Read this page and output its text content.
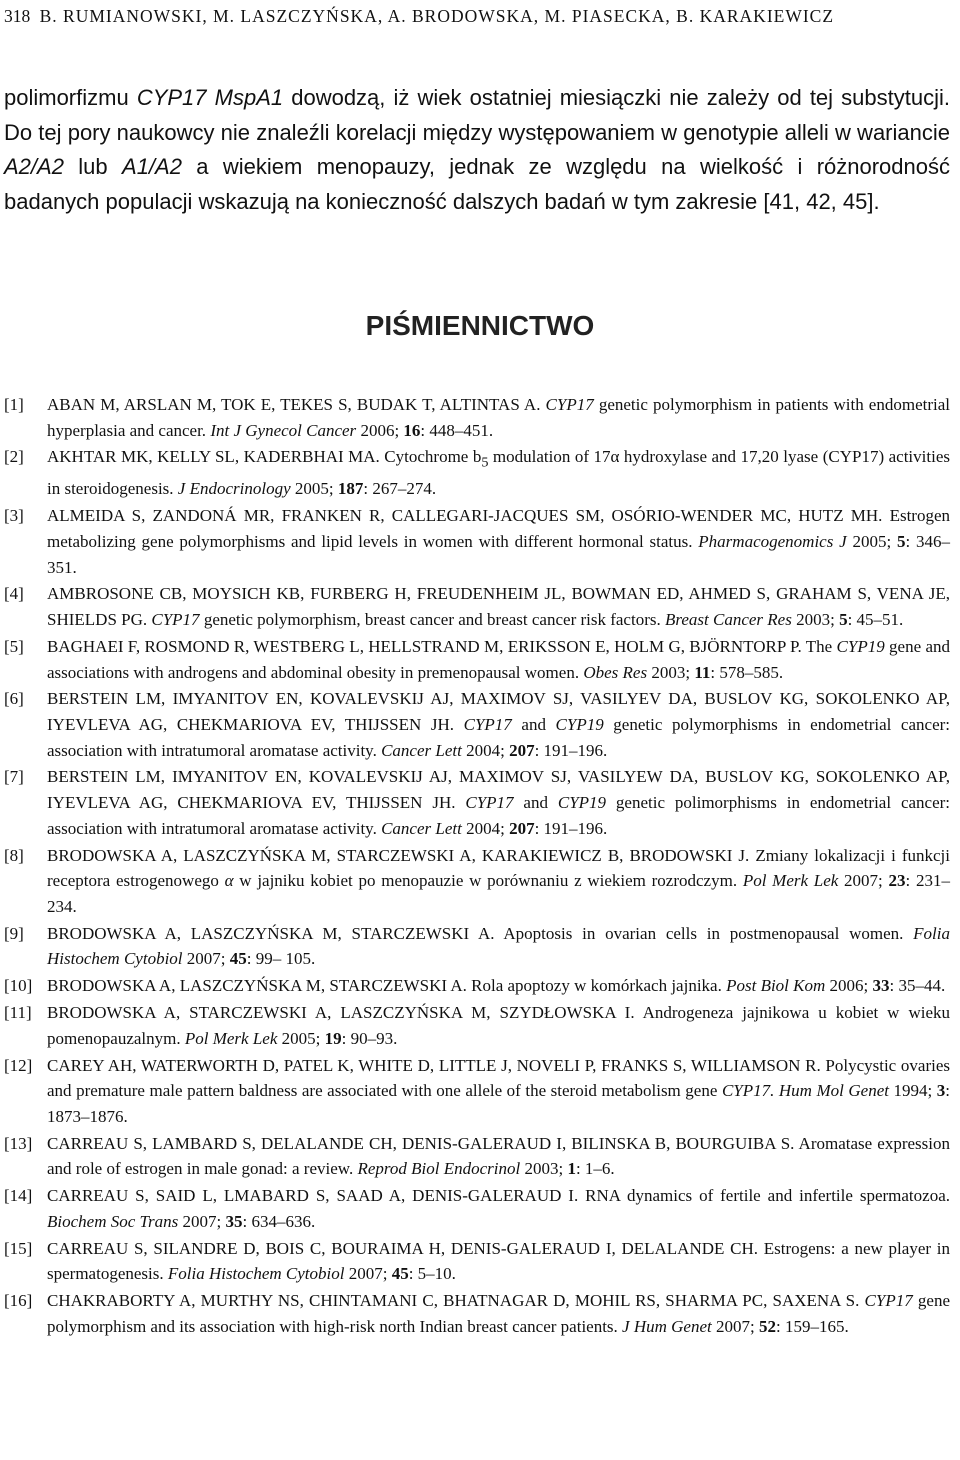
318 B. RUMIANOWSKI, M. LASZCZYŃSKA, A. BRODOWSKA, M. PIASECKA, B. KARAKIEWICZ

polimorfizmu CYP17 MspA1 dowodzą, iż wiek ostatniej miesiączki nie zależy od tej substytucji. Do tej pory naukowcy nie znaleźli korelacji między występowaniem w genotypie alleli w wariancie A2/A2 lub A1/A2 a wiekiem menopauzy, jednak ze względu na wielkość i różnorodność badanych populacji wskazują na konieczność dalszych badań w tym zakresie [41, 42, 45].

PIŚMIENNICTWO
[1] ABAN M, ARSLAN M, TOK E, TEKES S, BUDAK T, ALTINTAS A. CYP17 genetic polymorphism in patients with endometrial hyperplasia and cancer. Int J Gynecol Cancer 2006; 16: 448–451.
[2] AKHTAR MK, KELLY SL, KADERBHAI MA. Cytochrome $b_5$ modulation of 17α hydroxylase and 17,20 lyase (CYP17) activities in steroidogenesis. J Endocrinology 2005; 187: 267–274.
[3] ALMEIDA S, ZANDONÁ MR, FRANKEN R, CALLEGARI-JACQUES SM, OSÓRIO-WENDER MC, HUTZ MH. Estrogen metabolizing gene polymorphisms and lipid levels in women with different hormonal status. Pharmacogenomics J 2005; 5: 346–351.
[4] AMBROSONE CB, MOYSICH KB, FURBERG H, FREUDENHEIM JL, BOWMAN ED, AHMED S, GRAHAM S, VENA JE, SHIELDS PG. CYP17 genetic polymorphism, breast cancer and breast cancer risk factors. Breast Cancer Res 2003; 5: 45–51.
[5] BAGHAEI F, ROSMOND R, WESTBERG L, HELLSTRAND M, ERIKSSON E, HOLM G, BJÖRNTORP P. The CYP19 gene and associations with androgens and abdominal obesity in premenopausal women. Obes Res 2003; 11: 578–585.
[6] BERSTEIN LM, IMYANITOV EN, KOVALEVSKIJ AJ, MAXIMOV SJ, VASILYEV DA, BUSLOV KG, SOKOLENKO AP, IYEVLEVA AG, CHEKMARIOVA EV, THIJSSEN JH. CYP17 and CYP19 genetic polymorphisms in endometrial cancer: association with intratumoral aromatase activity. Cancer Lett 2004; 207: 191–196.
[7] BERSTEIN LM, IMYANITOV EN, KOVALEVSKIJ AJ, MAXIMOV SJ, VASILYEW DA, BUSLOV KG, SOKOLENKO AP, IYEVLEVA AG, CHEKMARIOVA EV, THIJSSEN JH. CYP17 and CYP19 genetic polimorphisms in endometrial cancer: association with intratumoral aromatase activity. Cancer Lett 2004; 207: 191–196.
[8] BRODOWSKA A, LASZCZYŃSKA M, STARCZEWSKI A, KARAKIEWICZ B, BRODOWSKI J. Zmiany lokalizacji i funkcji receptora estrogenowego α w jajniku kobiet po menopauzie w porównaniu z wiekiem rozrodczym. Pol Merk Lek 2007; 23: 231–234.
[9] BRODOWSKA A, LASZCZYŃSKA M, STARCZEWSKI A. Apoptosis in ovarian cells in postmenopausal women. Folia Histochem Cytobiol 2007; 45: 99– 105.
[10] BRODOWSKA A, LASZCZYŃSKA M, STARCZEWSKI A. Rola apoptozy w komórkach jajnika. Post Biol Kom 2006; 33: 35–44.
[11] BRODOWSKA A, STARCZEWSKI A, LASZCZYŃSKA M, SZYDŁOWSKA I. Androgeneza jajnikowa u kobiet w wieku pomenopauzalnym. Pol Merk Lek 2005; 19: 90–93.
[12] CAREY AH, WATERWORTH D, PATEL K, WHITE D, LITTLE J, NOVELI P, FRANKS S, WILLIAMSON R. Polycystic ovaries and premature male pattern baldness are associated with one allele of the steroid metabolism gene CYP17. Hum Mol Genet 1994; 3: 1873–1876.
[13] CARREAU S, LAMBARD S, DELALANDE CH, DENIS-GALERAUD I, BILINSKA B, BOURGUIBA S. Aromatase expression and role of estrogen in male gonad: a review. Reprod Biol Endocrinol 2003; 1: 1–6.
[14] CARREAU S, SAID L, LMABARD S, SAAD A, DENIS-GALERAUD I. RNA dynamics of fertile and infertile spermatozoa. Biochem Soc Trans 2007; 35: 634–636.
[15] CARREAU S, SILANDRE D, BOIS C, BOURAIMA H, DENIS-GALERAUD I, DELALANDE CH. Estrogens: a new player in spermatogenesis. Folia Histochem Cytobiol 2007; 45: 5–10.
[16] CHAKRABORTY A, MURTHY NS, CHINTAMANI C, BHATNAGAR D, MOHIL RS, SHARMA PC, SAXENA S. CYP17 gene polymorphism and its association with high-risk north Indian breast cancer patients. J Hum Genet 2007; 52: 159–165.
